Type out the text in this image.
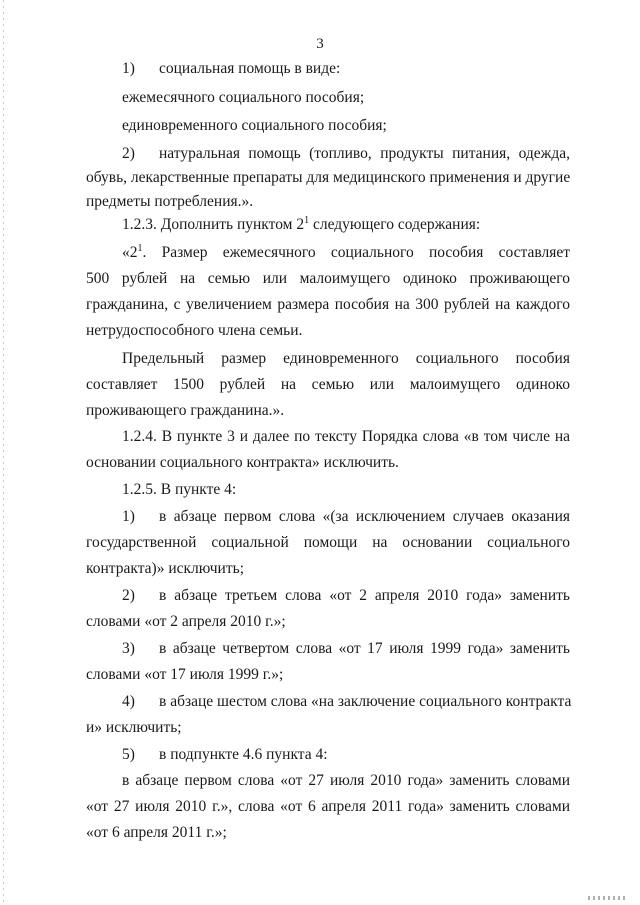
3
1) социальная помощь в виде:
ежемесячного социального пособия;
единовременного социального пособия;
2) натуральная помощь (топливо, продукты питания, одежда,
обувь, лекарственные препараты для медицинского применения и другие
предметы потребления.».
1.2.3. Дополнить пунктом $2^1$ следующего содержания:
«$2^1$. Размер ежемесячного социального пособия составляет
500 рублей на семью или малоимущего одиноко проживающего
гражданина, с увеличением размера пособия на 300 рублей на каждого
нетрудоспособного члена семьи.
Предельный размер единовременного социального пособия
составляет 1500 рублей на семью или малоимущего одиноко
проживающего гражданина.».
1.2.4. В пункте 3 и далее по тексту Порядка слова «в том числе на
основании социального контракта» исключить.
1.2.5. В пункте 4:
1) в абзаце первом слова «(за исключением случаев оказания
государственной социальной помощи на основании социального
контракта)» исключить;
2) в абзаце третьем слова «от 2 апреля 2010 года» заменить
словами «от 2 апреля 2010 г.»;
3) в абзаце четвертом слова «от 17 июля 1999 года» заменить
словами «от 17 июля 1999 г.»;
4) в абзаце шестом слова «на заключение социального контракта
и» исключить;
5) в подпункте 4.6 пункта 4:
в абзаце первом слова «от 27 июля 2010 года» заменить словами
«от 27 июля 2010 г.», слова «от 6 апреля 2011 года» заменить словами
«от 6 апреля 2011 г.»;
